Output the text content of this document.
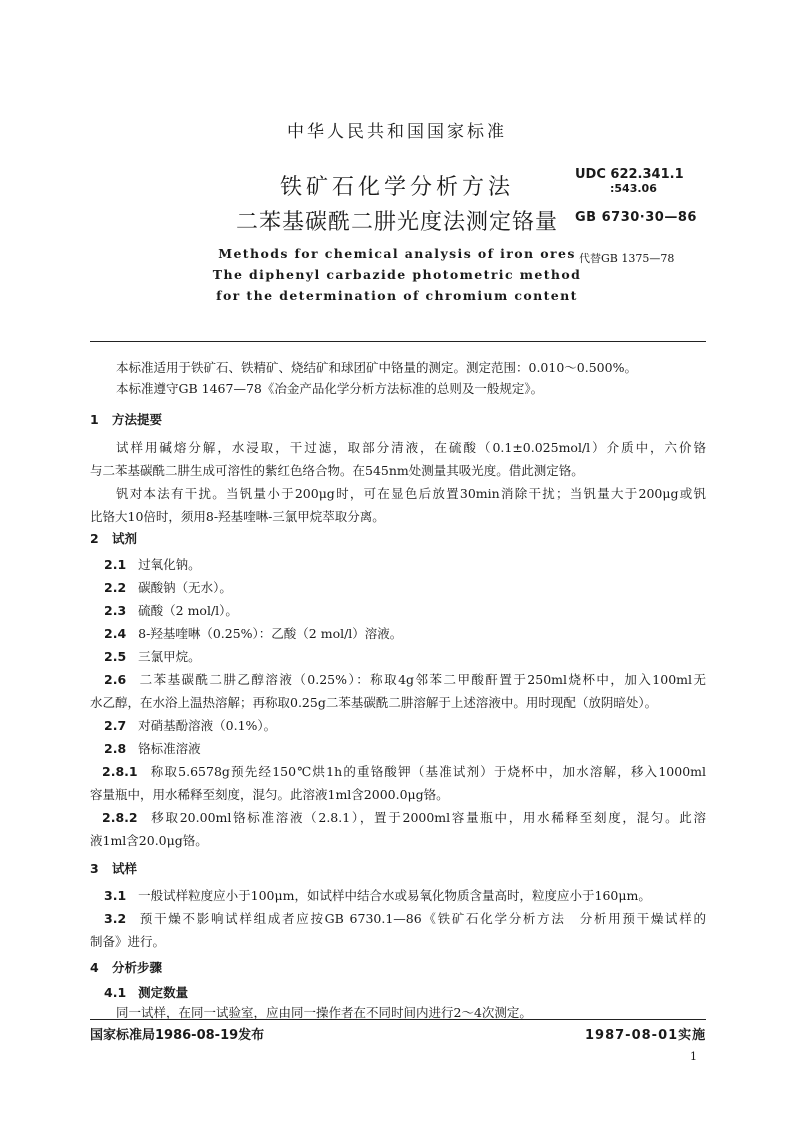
中华人民共和国国家标准
铁矿石化学分析方法
二苯基碳酰二肼光度法测定铬量
Methods for chemical analysis of iron ores
The diphenyl carbazide photometric method
for the determination of chromium content
UDC 622.341.1
:543.06
GB 6730·30—86
代替GB 1375—78
本标准适用于铁矿石、铁精矿、烧结矿和球团矿中铬量的测定。测定范围：0.010～0.500%。
本标准遵守GB 1467—78《冶金产品化学分析方法标准的总则及一般规定》。
1 方法提要
试样用碱熔分解，水浸取，干过滤，取部分清液，在硫酸（0.1±0.025mol/l）介质中，六价铬
与二苯基碳酰二肼生成可溶性的紫红色络合物。在545nm处测量其吸光度。借此测定铬。
钒对本法有干扰。当钒量小于200μg时，可在显色后放置30min消除干扰；当钒量大于200μg或钒
比铬大10倍时，须用8-羟基喹啉-三氯甲烷萃取分离。
2 试剂
2.1 过氧化钠。
2.2 碳酸钠（无水）。
2.3 硫酸（2 mol/l）。
2.4 8-羟基喹啉（0.25%）：乙酸（2 mol/l）溶液。
2.5 三氯甲烷。
2.6 二苯基碳酰二肼乙醇溶液（0.25%）：称取4g邻苯二甲酸酐置于250ml烧杯中，加入100ml无
水乙醇，在水浴上温热溶解；再称取0.25g二苯基碳酰二肼溶解于上述溶液中。用时现配（放阴暗处）。
2.7 对硝基酚溶液（0.1%）。
2.8 铬标准溶液
2.8.1 称取5.6578g预先经150℃烘1h的重铬酸钾（基准试剂）于烧杯中，加水溶解，移入1000ml
容量瓶中，用水稀释至刻度，混匀。此溶液1ml含2000.0μg铬。
2.8.2 移取20.00ml铬标准溶液（2.8.1），置于2000ml容量瓶中，用水稀释至刻度，混匀。此溶
液1ml含20.0μg铬。
3 试样
3.1 一般试样粒度应小于100μm，如试样中结合水或易氧化物质含量高时，粒度应小于160μm。
3.2 预干燥不影响试样组成者应按GB 6730.1—86《铁矿石化学分析方法　分析用预干燥试样的
制备》进行。
4 分析步骤
4.1 测定数量
同一试样，在同一试验室，应由同一操作者在不同时间内进行2～4次测定。
国家标准局1986-08-19发布	1987-08-01实施
1
